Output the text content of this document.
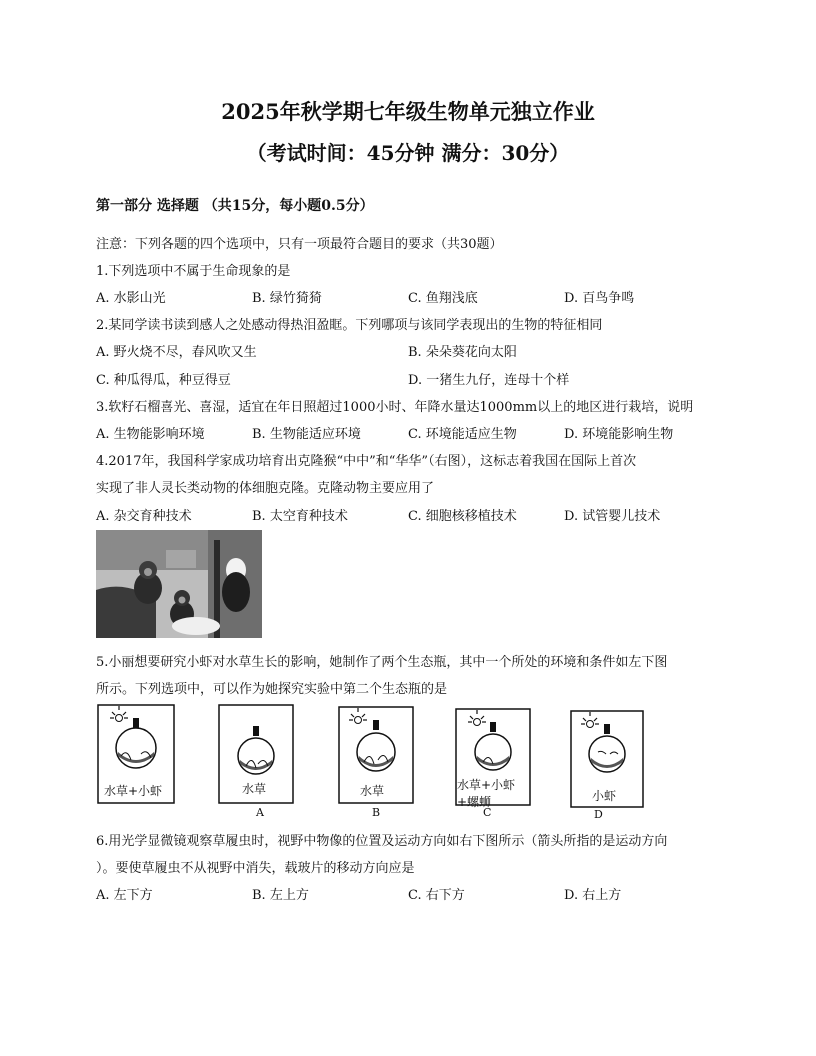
2025年秋学期七年级生物单元独立作业
（考试时间：45分钟 满分：30分）
第一部分 选择题 （共15分，每小题0.5分）
注意：下列各题的四个选项中，只有一项最符合题目的要求（共30题）
1.下列选项中不属于生命现象的是
A. 水影山光	B. 绿竹猗猗	C. 鱼翔浅底	D. 百鸟争鸣
2.某同学读书读到感人之处感动得热泪盈眶。下列哪项与该同学表现出的生物的特征相同
A. 野火烧不尽，春风吹又生	B. 朵朵葵花向太阳
C. 种瓜得瓜，种豆得豆	D. 一猪生九仔，连母十个样
3.软籽石榴喜光、喜湿，适宜在年日照超过1000小时、年降水量达1000mm以上的地区进行栽培，说明
A. 生物能影响环境	B. 生物能适应环境	C. 环境能适应生物	D. 环境能影响生物
4.2017年，我国科学家成功培育出克隆猴“中中”和“华华”（右图），这标志着我国在国际上首次
实现了非人灵长类动物的体细胞克隆。克隆动物主要应用了
A. 杂交育种技术	B. 太空育种技术	C. 细胞核移植技术	D. 试管婴儿技术
5.小丽想要研究小虾对水草生长的影响，她制作了两个生态瓶，其中一个所处的环境和条件如左下图
所示。下列选项中，可以作为她探究实验中第二个生态瓶的是
水草+小虾	水草
A
水草
B
水草+小虾
+螺蛳
C
小虾
D
6.用光学显微镜观察草履虫时，视野中物像的位置及运动方向如右下图所示（箭头所指的是运动方向
）。要使草履虫不从视野中消失，载玻片的移动方向应是
A. 左下方	B. 左上方	C. 右下方	D. 右上方
